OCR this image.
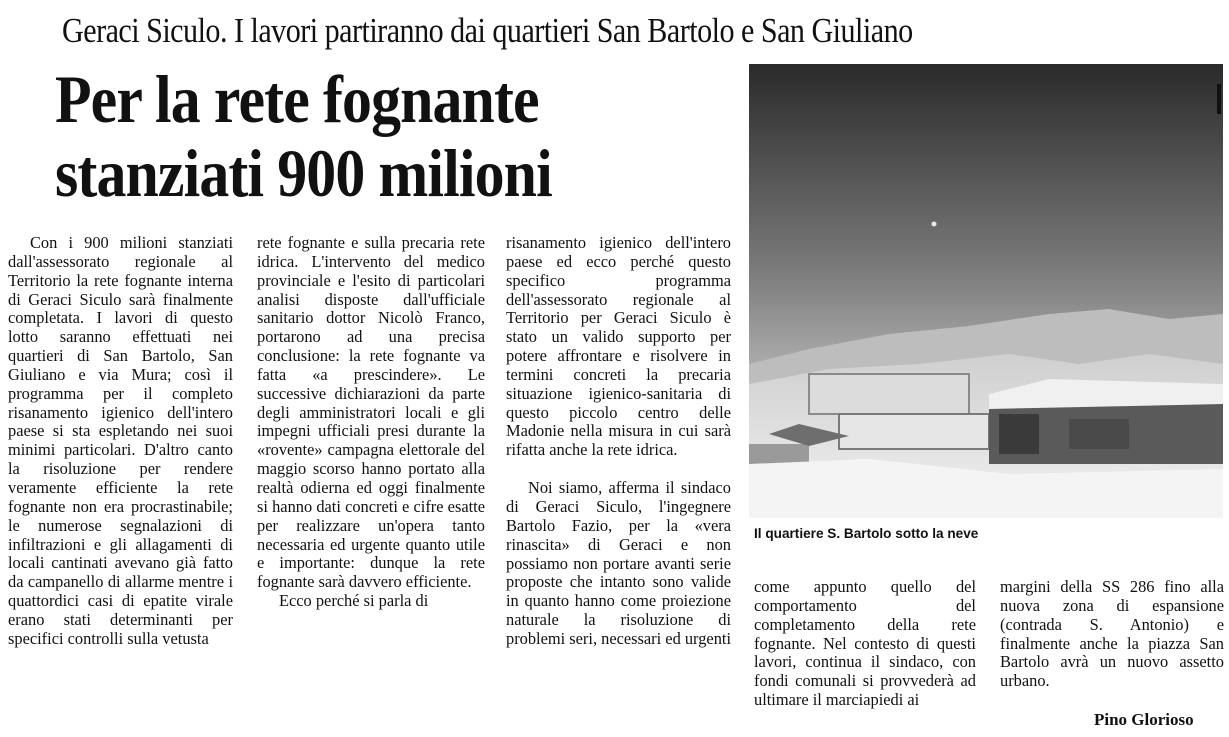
Geraci Siculo. I lavori partiranno dai quartieri San Bartolo e San Giuliano
Per la rete fognante
stanziati 900 milioni

Con i 900 milioni stanziati dall'assessorato regionale al Territorio la rete fognante interna di Geraci Siculo sarà finalmente completata. I lavori di questo lotto saranno effettuati nei quartieri di San Bartolo, San Giuliano e via Mura; così il programma per il completo risanamento igienico dell'intero paese si sta espletando nei suoi minimi particolari. D'altro canto la risoluzione per rendere veramente efficiente la rete fognante non era procrastinabile; le numerose segnalazioni di infiltrazioni e gli allagamenti di locali cantinati avevano già fatto da campanello di allarme mentre i quattordici casi di epatite virale erano stati determinanti per specifici controlli sulla vetusta

rete fognante e sulla precaria rete idrica. L'intervento del medico provinciale e l'esito di particolari analisi disposte dall'ufficiale sanitario dottor Nicolò Franco, portarono ad una precisa conclusione: la rete fognante va fatta «a prescindere». Le successive dichiarazioni da parte degli amministratori locali e gli impegni ufficiali presi durante la «rovente» campagna elettorale del maggio scorso hanno portato alla realtà odierna ed oggi finalmente si hanno dati concreti e cifre esatte per realizzare un'opera tanto necessaria ed urgente quanto utile e importante: dunque la rete fognante sarà davvero efficiente.

Ecco perché si parla di

risanamento igienico dell'intero paese ed ecco perché questo specifico programma dell'assessorato regionale al Territorio per Geraci Siculo è stato un valido supporto per potere affrontare e risolvere in termini concreti la precaria situazione igienico-sanitaria di questo piccolo centro delle Madonie nella misura in cui sarà rifatta anche la rete idrica.

Noi siamo, afferma il sindaco di Geraci Siculo, l'ingegnere Bartolo Fazio, per la «vera rinascita» di Geraci e non possiamo non portare avanti serie proposte che intanto sono valide in quanto hanno come proiezione naturale la risoluzione di problemi seri, necessari ed urgenti

Il quartiere S. Bartolo sotto la neve

come appunto quello del comportamento del completamento della rete fognante. Nel contesto di questi lavori, continua il sindaco, con fondi comunali si provvederà ad ultimare il marciapiedi ai

margini della SS 286 fino alla nuova zona di espansione (contrada S. Antonio) e finalmente anche la piazza San Bartolo avrà un nuovo assetto urbano.

Pino Glorioso
